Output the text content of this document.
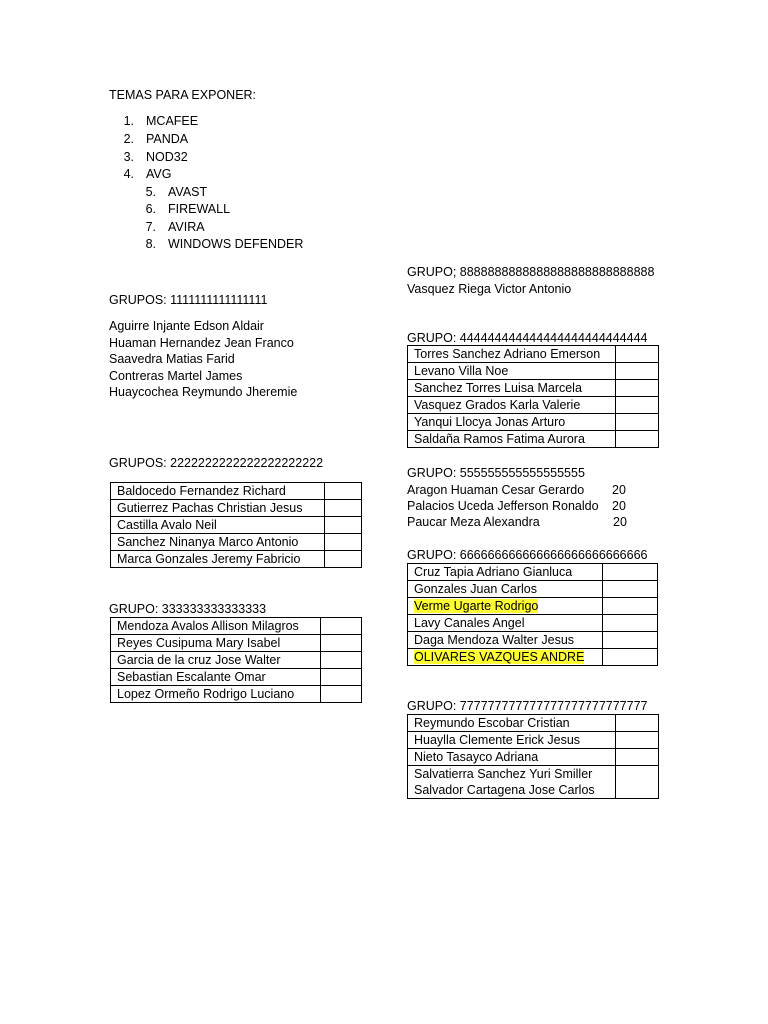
TEMAS PARA EXPONER:
1. MCAFEE
2. PANDA
3. NOD32
4. AVG
5. AVAST
6. FIREWALL
7. AVIRA
8. WINDOWS DEFENDER
GRUPOS: 1111111111111111
Aguirre Injante Edson Aldair
Huaman Hernandez Jean Franco
Saavedra Matias Farid
Contreras Martel James
Huaycochea Reymundo Jheremie
GRUPOS: 2222222222222222222222
Baldocedo Fernandez Richard	
Gutierrez Pachas Christian Jesus	
Castilla Avalo Neil	
Sanchez Ninanya Marco Antonio	
Marca Gonzales Jeremy Fabricio	
GRUPO: 333333333333333
Mendoza Avalos Allison Milagros	
Reyes Cusipuma Mary Isabel	
Garcia de la cruz Jose Walter	
Sebastian Escalante Omar	
Lopez Ormeño Rodrigo Luciano	
GRUPO; 8888888888888888888888888888
Vasquez Riega Victor Antonio
GRUPO: 444444444444444444444444444
Torres Sanchez Adriano Emerson	
Levano Villa Noe	
Sanchez Torres Luisa Marcela	
Vasquez Grados Karla Valerie	
Yanqui Llocya Jonas Arturo	
Saldaña Ramos Fatima Aurora	
GRUPO: 555555555555555555
Aragon Huaman Cesar Gerardo 20
Palacios Uceda Jefferson Ronaldo 20
Paucar Meza Alexandra	20
GRUPO: 666666666666666666666666666
Cruz Tapia Adriano Gianluca	
Gonzales Juan Carlos	
Verme Ugarte Rodrigo	
Lavy Canales Angel	
Daga Mendoza Walter Jesus	
OLIVARES VAZQUES ANDRE	
GRUPO: 777777777777777777777777777
Reymundo Escobar Cristian	
Huaylla Clemente Erick Jesus	
Nieto Tasayco Adriana	

Salvatierra Sanchez Yuri Smiller
Salvador Cartagena Jose Carlos	
